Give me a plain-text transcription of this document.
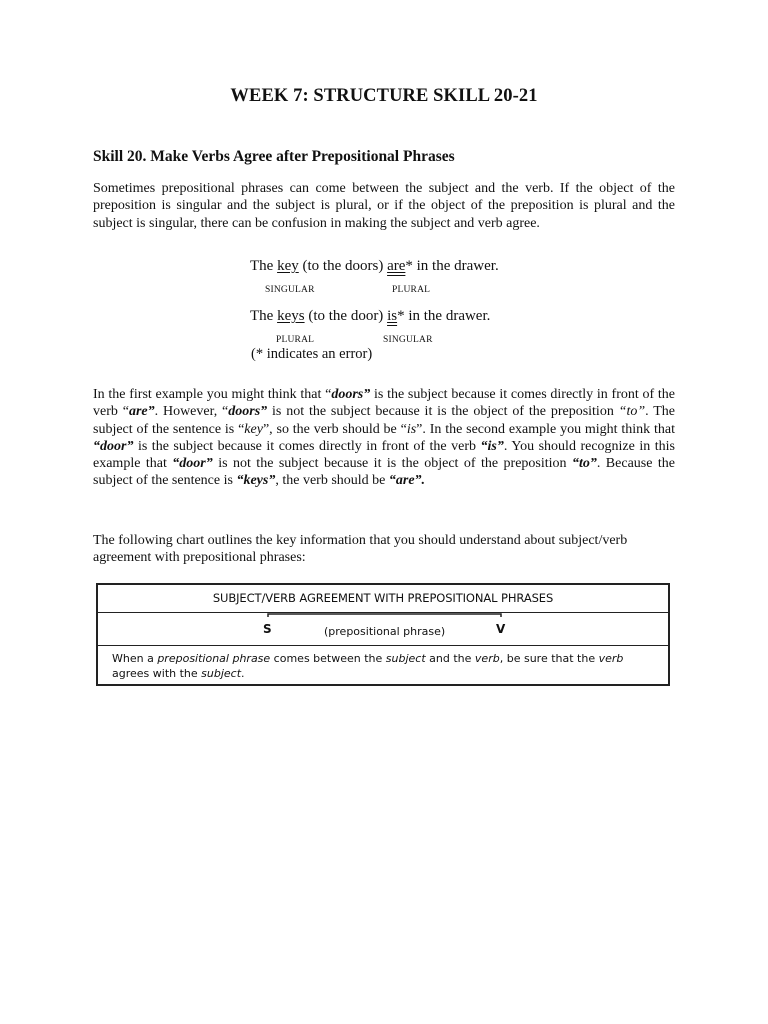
WEEK 7: STRUCTURE SKILL 20-21
Skill 20. Make Verbs Agree after Prepositional Phrases
Sometimes prepositional phrases can come between the subject and the verb. If the object of the preposition is singular and the subject is plural, or if the object of the preposition is plural and the subject is singular, there can be confusion in making the subject and verb agree.
The key (to the doors) are* in the drawer.
SINGULAR	PLURAL
The keys (to the door) is* in the drawer.
PLURAL	SINGULAR
(* indicates an error)
In the first example you might think that “doors” is the subject because it comes directly in front of the verb “are”. However, “doors” is not the subject because it is the object of the preposition “to”. The subject of the sentence is “key”, so the verb should be “is”. In the second example you might think that “door” is the subject because it comes directly in front of the verb “is”. You should recognize in this example that “door” is not the subject because it is the object of the preposition “to”. Because the subject of the sentence is “keys”, the verb should be “are”.
The following chart outlines the key information that you should understand about subject/verb agreement with prepositional phrases:
SUBJECT/VERB AGREEMENT WITH PREPOSITIONAL PHRASES
S	(prepositional phrase)	V
When a prepositional phrase comes between the subject and the verb, be sure that the verb agrees with the subject.
